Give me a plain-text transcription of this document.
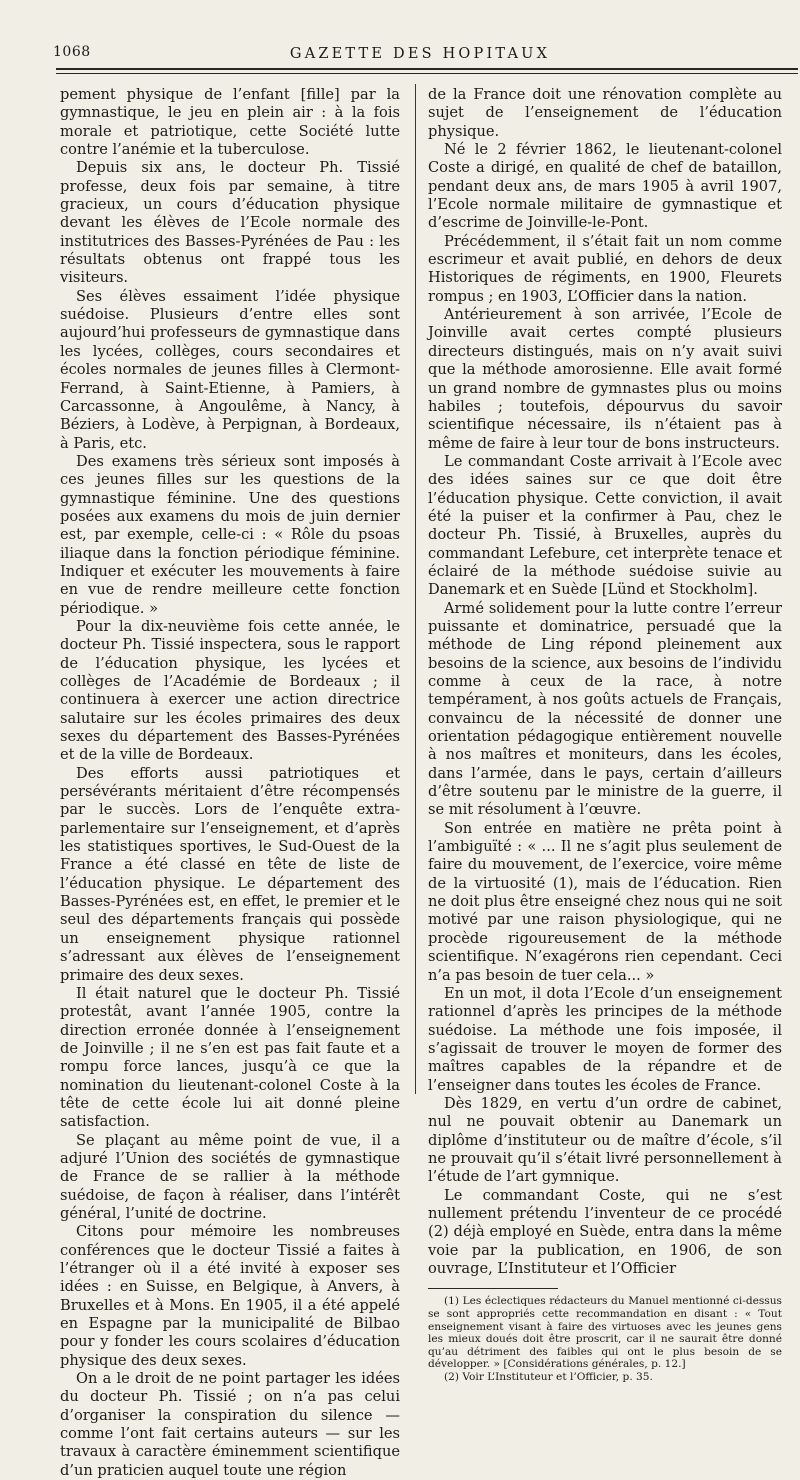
1068	GAZETTE DES HOPITAUX

pement physique de l’enfant [fille] par la gymnastique, le jeu en plein air : à la fois morale et patriotique, cette Société lutte contre l’anémie et la tuberculose.

Depuis six ans, le docteur Ph. Tissié professe, deux fois par semaine, à titre gracieux, un cours d’éducation physique devant les élèves de l’Ecole normale des institutrices des Basses-Pyrénées de Pau : les résultats obtenus ont frappé tous les visiteurs.

Ses élèves essaiment l’idée physique suédoise. Plusieurs d’entre elles sont aujourd’hui professeurs de gymnastique dans les lycées, collèges, cours secondaires et écoles normales de jeunes filles à Clermont-Ferrand, à Saint-Etienne, à Pamiers, à Carcassonne, à Angoulême, à Nancy, à Béziers, à Lodève, à Perpignan, à Bordeaux, à Paris, etc.

Des examens très sérieux sont imposés à ces jeunes filles sur les questions de la gymnastique féminine. Une des questions posées aux examens du mois de juin dernier est, par exemple, celle-ci : « Rôle du psoas iliaque dans la fonction périodique féminine. Indiquer et exécuter les mouvements à faire en vue de rendre meilleure cette fonction périodique. »

Pour la dix-neuvième fois cette année, le docteur Ph. Tissié inspectera, sous le rapport de l’éducation physique, les lycées et collèges de l’Académie de Bordeaux ; il continuera à exercer une action directrice salutaire sur les écoles primaires des deux sexes du département des Basses-Pyrénées et de la ville de Bordeaux.

Des efforts aussi patriotiques et persévérants méritaient d’être récompensés par le succès. Lors de l’enquête extra-parlementaire sur l’enseignement, et d’après les statistiques sportives, le Sud-Ouest de la France a été classé en tête de liste de l’éducation physique. Le département des Basses-Pyrénées est, en effet, le premier et le seul des départements français qui possède un enseignement physique rationnel s’adressant aux élèves de l’enseignement primaire des deux sexes.

Il était naturel que le docteur Ph. Tissié protestât, avant l’année 1905, contre la direction erronée donnée à l’enseignement de Joinville ; il ne s’en est pas fait faute et a rompu force lances, jusqu’à ce que la nomination du lieutenant-colonel Coste à la tête de cette école lui ait donné pleine satisfaction.

Se plaçant au même point de vue, il a adjuré l’Union des sociétés de gymnastique de France de se rallier à la méthode suédoise, de façon à réaliser, dans l’intérêt général, l’unité de doctrine.

Citons pour mémoire les nombreuses conférences que le docteur Tissié a faites à l’étranger où il a été invité à exposer ses idées : en Suisse, en Belgique, à Anvers, à Bruxelles et à Mons. En 1905, il a été appelé en Espagne par la municipalité de Bilbao pour y fonder les cours scolaires d’éducation physique des deux sexes.

On a le droit de ne point partager les idées du docteur Ph. Tissié ; on n’a pas celui d’organiser la conspiration du silence — comme l’ont fait certains auteurs — sur les travaux à caractère éminemment scientifique d’un praticien auquel toute une région

de la France doit une rénovation complète au sujet de l’enseignement de l’éducation physique.

Né le 2 février 1862, le lieutenant-colonel Coste a dirigé, en qualité de chef de bataillon, pendant deux ans, de mars 1905 à avril 1907, l’Ecole normale militaire de gymnastique et d’escrime de Joinville-le-Pont.

Précédemment, il s’était fait un nom comme escrimeur et avait publié, en dehors de deux Historiques de régiments, en 1900, Fleurets rompus ; en 1903, L’Officier dans la nation.

Antérieurement à son arrivée, l’Ecole de Joinville avait certes compté plusieurs directeurs distingués, mais on n’y avait suivi que la méthode amorosienne. Elle avait formé un grand nombre de gymnastes plus ou moins habiles ; toutefois, dépourvus du savoir scientifique nécessaire, ils n’étaient pas à même de faire à leur tour de bons instructeurs.

Le commandant Coste arrivait à l’Ecole avec des idées saines sur ce que doit être l’éducation physique. Cette conviction, il avait été la puiser et la confirmer à Pau, chez le docteur Ph. Tissié, à Bruxelles, auprès du commandant Lefebure, cet interprète tenace et éclairé de la méthode suédoise suivie au Danemark et en Suède [Lünd et Stockholm].

Armé solidement pour la lutte contre l’erreur puissante et dominatrice, persuadé que la méthode de Ling répond pleinement aux besoins de la science, aux besoins de l’individu comme à ceux de la race, à notre tempérament, à nos goûts actuels de Français, convaincu de la nécessité de donner une orientation pédagogique entièrement nouvelle à nos maîtres et moniteurs, dans les écoles, dans l’armée, dans le pays, certain d’ailleurs d’être soutenu par le ministre de la guerre, il se mit résolument à l’œuvre.

Son entrée en matière ne prêta point à l’ambiguïté : « ... Il ne s’agit plus seulement de faire du mouvement, de l’exercice, voire même de la virtuosité (1), mais de l’éducation. Rien ne doit plus être enseigné chez nous qui ne soit motivé par une raison physiologique, qui ne procède rigoureusement de la méthode scientifique. N’exagérons rien cependant. Ceci n’a pas besoin de tuer cela... »

En un mot, il dota l’Ecole d’un enseignement rationnel d’après les principes de la méthode suédoise. La méthode une fois imposée, il s’agissait de trouver le moyen de former des maîtres capables de la répandre et de l’enseigner dans toutes les écoles de France.

Dès 1829, en vertu d’un ordre de cabinet, nul ne pouvait obtenir au Danemark un diplôme d’instituteur ou de maître d’école, s’il ne prouvait qu’il s’était livré personnellement à l’étude de l’art gymnique.

Le commandant Coste, qui ne s’est nullement prétendu l’inventeur de ce procédé (2) déjà employé en Suède, entra dans la même voie par la publication, en 1906, de son ouvrage, L’Instituteur et l’Officier

(1) Les éclectiques rédacteurs du Manuel mentionné ci-dessus se sont appropriés cette recommandation en disant : « Tout enseignement visant à faire des virtuoses avec les jeunes gens les mieux doués doit être proscrit, car il ne saurait être donné qu’au détriment des faibles qui ont le plus besoin de se développer. » [Considérations générales, p. 12.]

(2) Voir L’Instituteur et l’Officier, p. 35.
